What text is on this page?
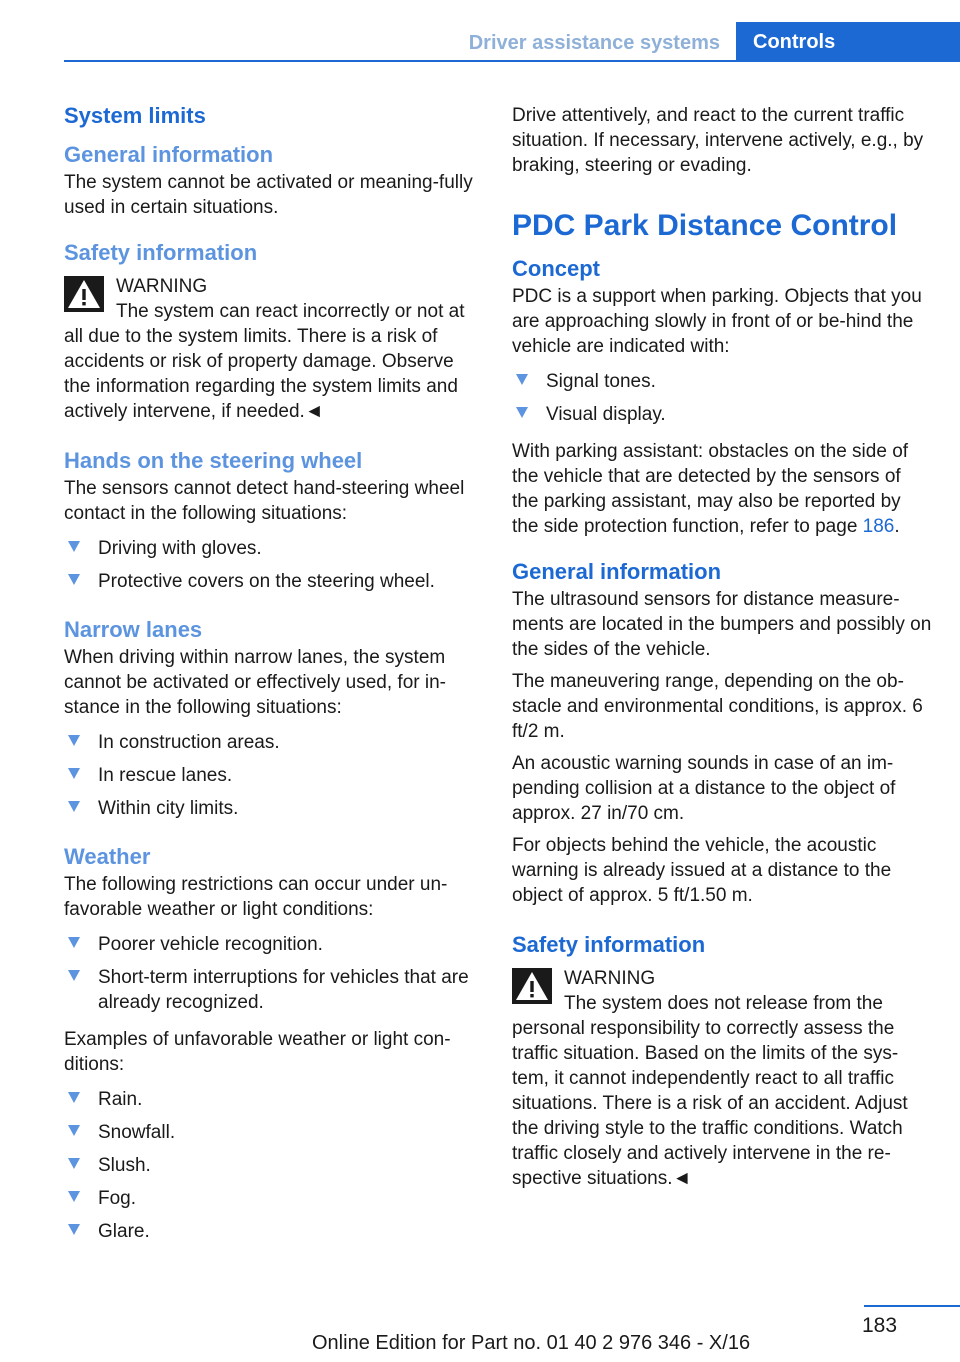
Driver assistance systems	Controls
System limits
General information

The system cannot be activated or meaning-fully used in certain situations.

Safety information
WARNING

The system can react incorrectly or not at all due to the system limits. There is a risk of accidents or risk of property damage. Observe the information regarding the system limits and actively intervene, if needed.◄

Hands on the steering wheel

The sensors cannot detect hand-steering wheel contact in the following situations:

Driving with gloves.
Protective covers on the steering wheel.
Narrow lanes

When driving within narrow lanes, the system cannot be activated or effectively used, for in-stance in the following situations:

In construction areas.
In rescue lanes.
Within city limits.
Weather

The following restrictions can occur under un-favorable weather or light conditions:

Poorer vehicle recognition.
Short-term interruptions for vehicles that are already recognized.

Examples of unfavorable weather or light con-ditions:

Rain.
Snowfall.
Slush.
Fog.
Glare.

Drive attentively, and react to the current traffic situation. If necessary, intervene actively, e.g., by braking, steering or evading.

PDC Park Distance Control
Concept

PDC is a support when parking. Objects that you are approaching slowly in front of or be-hind the vehicle are indicated with:

Signal tones.
Visual display.

With parking assistant: obstacles on the side of the vehicle that are detected by the sensors of the parking assistant, may also be reported by the side protection function, refer to page 186.

General information

The ultrasound sensors for distance measure-ments are located in the bumpers and possibly on the sides of the vehicle.

The maneuvering range, depending on the ob-stacle and environmental conditions, is approx. 6 ft/2 m.

An acoustic warning sounds in case of an im-pending collision at a distance to the object of approx. 27 in/70 cm.

For objects behind the vehicle, the acoustic warning is already issued at a distance to the object of approx. 5 ft/1.50 m.

Safety information
WARNING

The system does not release from the personal responsibility to correctly assess the traffic situation. Based on the limits of the sys-tem, it cannot independently react to all traffic situations. There is a risk of an accident. Adjust the driving style to the traffic conditions. Watch traffic closely and actively intervene in the re-spective situations.◄

183
Online Edition for Part no. 01 40 2 976 346 - X/16
